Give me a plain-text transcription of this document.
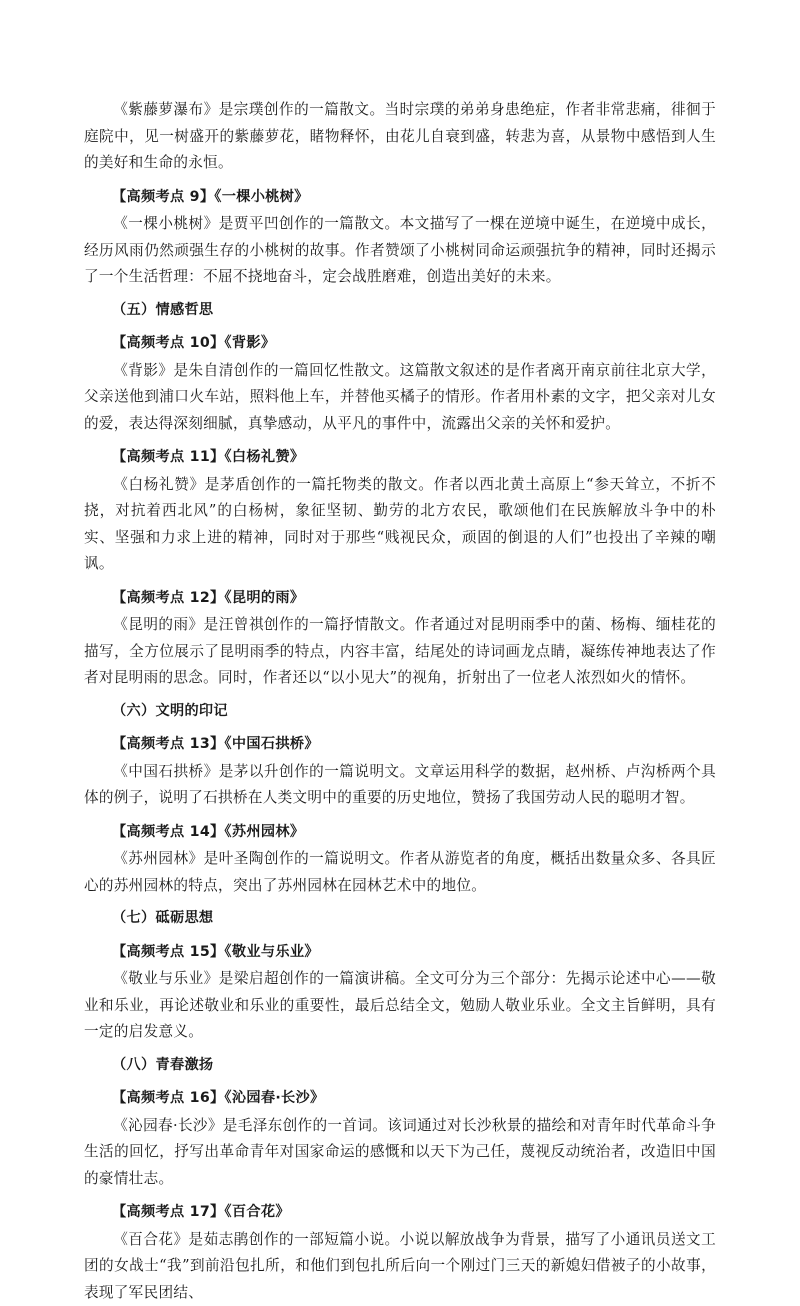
《紫藤萝瀑布》是宗璞创作的一篇散文。当时宗璞的弟弟身患绝症，作者非常悲痛，徘徊于庭院中，见一树盛开的紫藤萝花，睹物释怀，由花儿自衰到盛，转悲为喜，从景物中感悟到人生的美好和生命的永恒。

【高频考点 9】《一棵小桃树》

《一棵小桃树》是贾平凹创作的一篇散文。本文描写了一棵在逆境中诞生，在逆境中成长，经历风雨仍然顽强生存的小桃树的故事。作者赞颂了小桃树同命运顽强抗争的精神，同时还揭示了一个生活哲理：不屈不挠地奋斗，定会战胜磨难，创造出美好的未来。

（五）情感哲思
【高频考点 10】《背影》

《背影》是朱自清创作的一篇回忆性散文。这篇散文叙述的是作者离开南京前往北京大学，父亲送他到浦口火车站，照料他上车，并替他买橘子的情形。作者用朴素的文字，把父亲对儿女的爱，表达得深刻细腻，真挚感动，从平凡的事件中，流露出父亲的关怀和爱护。

【高频考点 11】《白杨礼赞》

《白杨礼赞》是茅盾创作的一篇托物类的散文。作者以西北黄土高原上“参天耸立，不折不挠，对抗着西北风”的白杨树，象征坚韧、勤劳的北方农民，歌颂他们在民族解放斗争中的朴实、坚强和力求上进的精神，同时对于那些“贱视民众，顽固的倒退的人们”也投出了辛辣的嘲讽。

【高频考点 12】《昆明的雨》

《昆明的雨》是汪曾祺创作的一篇抒情散文。作者通过对昆明雨季中的菌、杨梅、缅桂花的描写，全方位展示了昆明雨季的特点，内容丰富，结尾处的诗词画龙点睛，凝练传神地表达了作者对昆明雨的思念。同时，作者还以“以小见大”的视角，折射出了一位老人浓烈如火的情怀。

（六）文明的印记
【高频考点 13】《中国石拱桥》

《中国石拱桥》是茅以升创作的一篇说明文。文章运用科学的数据，赵州桥、卢沟桥两个具体的例子，说明了石拱桥在人类文明中的重要的历史地位，赞扬了我国劳动人民的聪明才智。

【高频考点 14】《苏州园林》

《苏州园林》是叶圣陶创作的一篇说明文。作者从游览者的角度，概括出数量众多、各具匠心的苏州园林的特点，突出了苏州园林在园林艺术中的地位。

（七）砥砺思想
【高频考点 15】《敬业与乐业》

《敬业与乐业》是梁启超创作的一篇演讲稿。全文可分为三个部分：先揭示论述中心——敬业和乐业，再论述敬业和乐业的重要性，最后总结全文，勉励人敬业乐业。全文主旨鲜明，具有一定的启发意义。

（八）青春激扬
【高频考点 16】《沁园春·长沙》

《沁园春·长沙》是毛泽东创作的一首词。该词通过对长沙秋景的描绘和对青年时代革命斗争生活的回忆，抒写出革命青年对国家命运的感慨和以天下为己任，蔑视反动统治者，改造旧中国的豪情壮志。

【高频考点 17】《百合花》

《百合花》是茹志鹃创作的一部短篇小说。小说以解放战争为背景，描写了小通讯员送文工团的女战士“我”到前沿包扎所，和他们到包扎所后向一个刚过门三天的新媳妇借被子的小故事，表现了军民团结、
